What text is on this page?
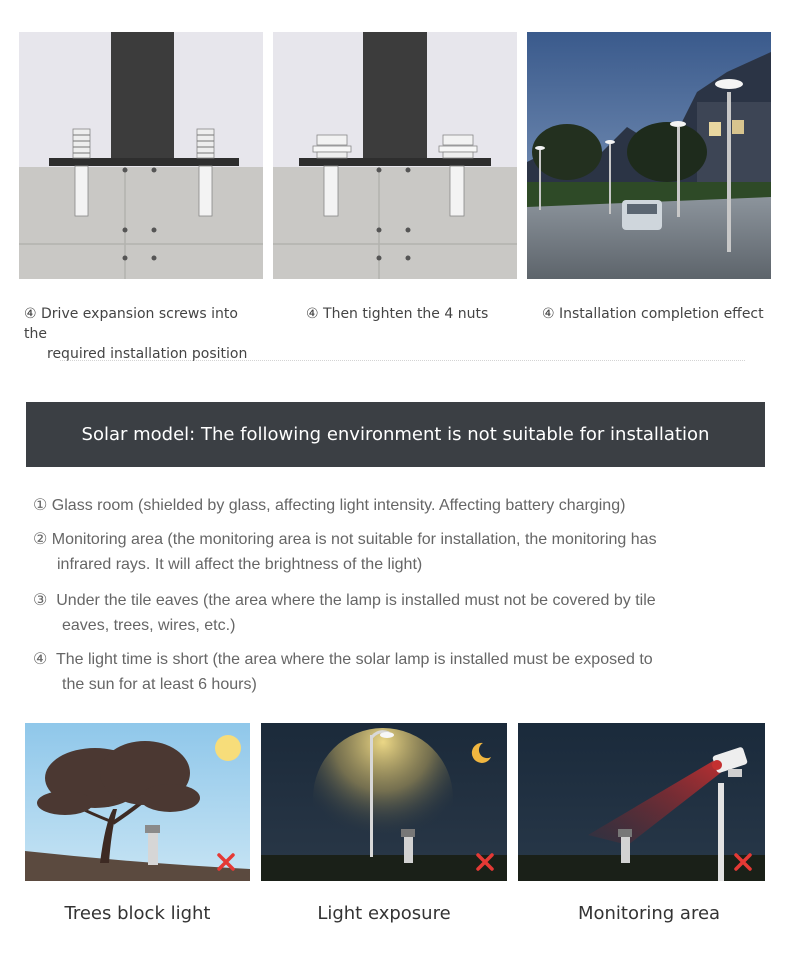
④ Drive expansion screws into the
required installation position
④ Then tighten the 4 nuts	④ Installation completion effect
Solar model: The following environment is not suitable for installation
① Glass room (shielded by glass, affecting light intensity. Affecting battery charging)
② Monitoring area (the monitoring area is not suitable for installation, the monitoring has
infrared rays. It will affect the brightness of the light)
③ Under the tile eaves (the area where the lamp is installed must not be covered by tile
eaves, trees, wires, etc.)
④ The light time is short (the area where the solar lamp is installed must be exposed to
the sun for at least 6 hours)
Trees block light	Light exposure	Monitoring area
